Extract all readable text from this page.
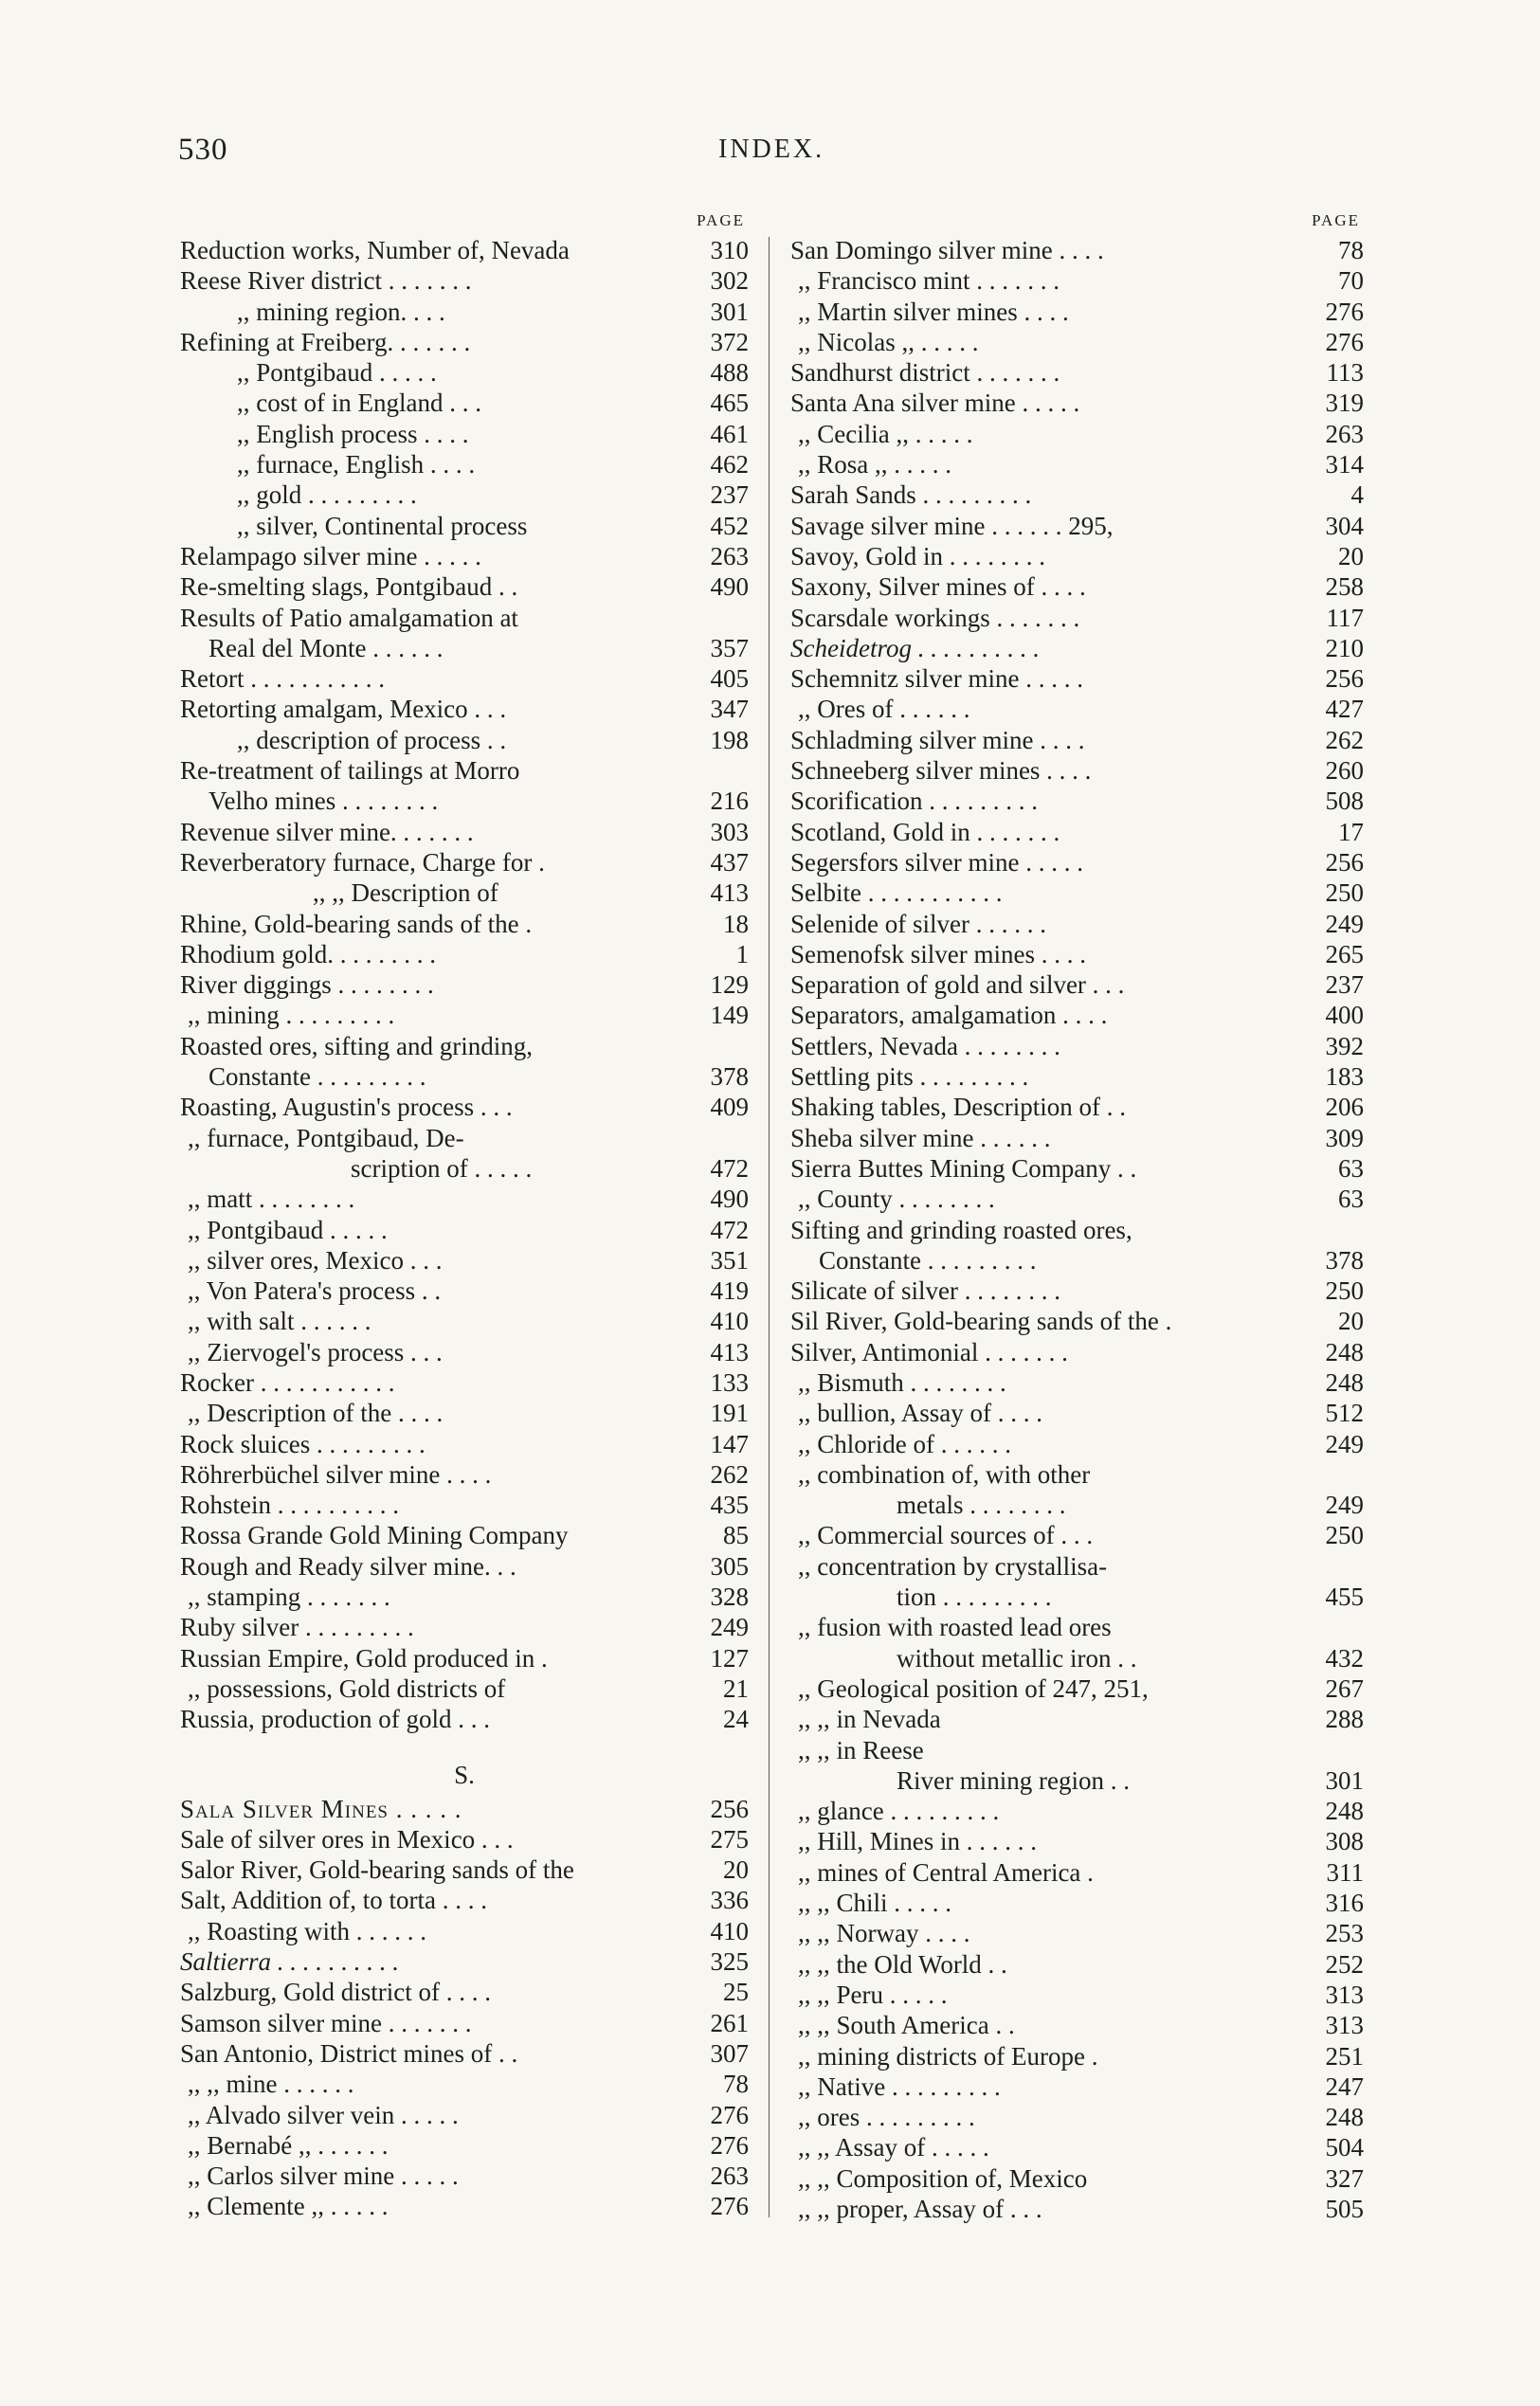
530	INDEX.
PAGE
Reduction works, Number of, Nevada	310
Reese River district . . . . . . .	302
,, mining region. . . .	301
Refining at Freiberg. . . . . . .	372
,, Pontgibaud . . . . .	488
,, cost of in England . . .	465
,, English process . . . .	461
,, furnace, English . . . .	462
,, gold . . . . . . . . .	237
,, silver, Continental process	452
Relampago silver mine . . . . .	263
Re-smelting slags, Pontgibaud . .	490
Results of Patio amalgamation at
Real del Monte . . . . . .	357
Retort . . . . . . . . . . .	405
Retorting amalgam, Mexico . . .	347
,, description of process . .	198
Re-treatment of tailings at Morro
Velho mines . . . . . . . .	216
Revenue silver mine. . . . . . .	303
Reverberatory furnace, Charge for .	437
,, ,, Description of	413
Rhine, Gold-bearing sands of the .	18
Rhodium gold. . . . . . . . .	1
River diggings . . . . . . . .	129
,, mining . . . . . . . . .	149
Roasted ores, sifting and grinding,
Constante . . . . . . . . .	378
Roasting, Augustin's process . . .	409
,, furnace, Pontgibaud, De-
scription of . . . . .	472
,, matt . . . . . . . .	490
,, Pontgibaud . . . . .	472
,, silver ores, Mexico . . .	351
,, Von Patera's process . .	419
,, with salt . . . . . .	410
,, Ziervogel's process . . .	413
Rocker . . . . . . . . . . .	133
,, Description of the . . . .	191
Rock sluices . . . . . . . . .	147
Röhrerbüchel silver mine . . . .	262
Rohstein . . . . . . . . . .	435
Rossa Grande Gold Mining Company	85
Rough and Ready silver mine. . .	305
,, stamping . . . . . . .	328
Ruby silver . . . . . . . . .	249
Russian Empire, Gold produced in .	127
,, possessions, Gold districts of	21
Russia, production of gold . . .	24
S.
Sala Silver Mines . . . . .	256
Sale of silver ores in Mexico . . .	275
Salor River, Gold-bearing sands of the	20
Salt, Addition of, to torta . . . .	336
,, Roasting with . . . . . .	410
Saltierra . . . . . . . . . .	325
Salzburg, Gold district of . . . .	25
Samson silver mine . . . . . . .	261
San Antonio, District mines of . .	307
,, ,, mine . . . . . .	78
,, Alvado silver vein . . . . .	276
,, Bernabé ,, . . . . . .	276
,, Carlos silver mine . . . . .	263
,, Clemente ,, . . . . .	276
PAGE
San Domingo silver mine . . . .	78
,, Francisco mint . . . . . . .	70
,, Martin silver mines . . . .	276
,, Nicolas ,, . . . . .	276
Sandhurst district . . . . . . .	113
Santa Ana silver mine . . . . .	319
,, Cecilia ,, . . . . .	263
,, Rosa ,, . . . . .	314
Sarah Sands . . . . . . . . .	4
Savage silver mine . . . . . . 295,	304
Savoy, Gold in . . . . . . . .	20
Saxony, Silver mines of . . . .	258
Scarsdale workings . . . . . . .	117
Scheidetrog . . . . . . . . . .	210
Schemnitz silver mine . . . . .	256
,, Ores of . . . . . .	427
Schladming silver mine . . . .	262
Schneeberg silver mines . . . .	260
Scorification . . . . . . . . .	508
Scotland, Gold in . . . . . . .	17
Segersfors silver mine . . . . .	256
Selbite . . . . . . . . . . .	250
Selenide of silver . . . . . .	249
Semenofsk silver mines . . . .	265
Separation of gold and silver . . .	237
Separators, amalgamation . . . .	400
Settlers, Nevada . . . . . . . .	392
Settling pits . . . . . . . . .	183
Shaking tables, Description of . .	206
Sheba silver mine . . . . . .	309
Sierra Buttes Mining Company . .	63
,, County . . . . . . . .	63
Sifting and grinding roasted ores,
Constante . . . . . . . . .	378
Silicate of silver . . . . . . . .	250
Sil River, Gold-bearing sands of the .	20
Silver, Antimonial . . . . . . .	248
,, Bismuth . . . . . . . .	248
,, bullion, Assay of . . . .	512
,, Chloride of . . . . . .	249
,, combination of, with other
metals . . . . . . . .	249
,, Commercial sources of . . .	250
,, concentration by crystallisa-
tion . . . . . . . . .	455
,, fusion with roasted lead ores
without metallic iron . .	432
,, Geological position of 247, 251,	267
,, ,, in Nevada	288
,, ,, in Reese
River mining region . .	301
,, glance . . . . . . . . .	248
,, Hill, Mines in . . . . . .	308
,, mines of Central America .	311
,, ,, Chili . . . . .	316
,, ,, Norway . . . .	253
,, ,, the Old World . .	252
,, ,, Peru . . . . .	313
,, ,, South America . .	313
,, mining districts of Europe .	251
,, Native . . . . . . . . .	247
,, ores . . . . . . . . .	248
,, ,, Assay of . . . . .	504
,, ,, Composition of, Mexico	327
,, ,, proper, Assay of . . .	505
